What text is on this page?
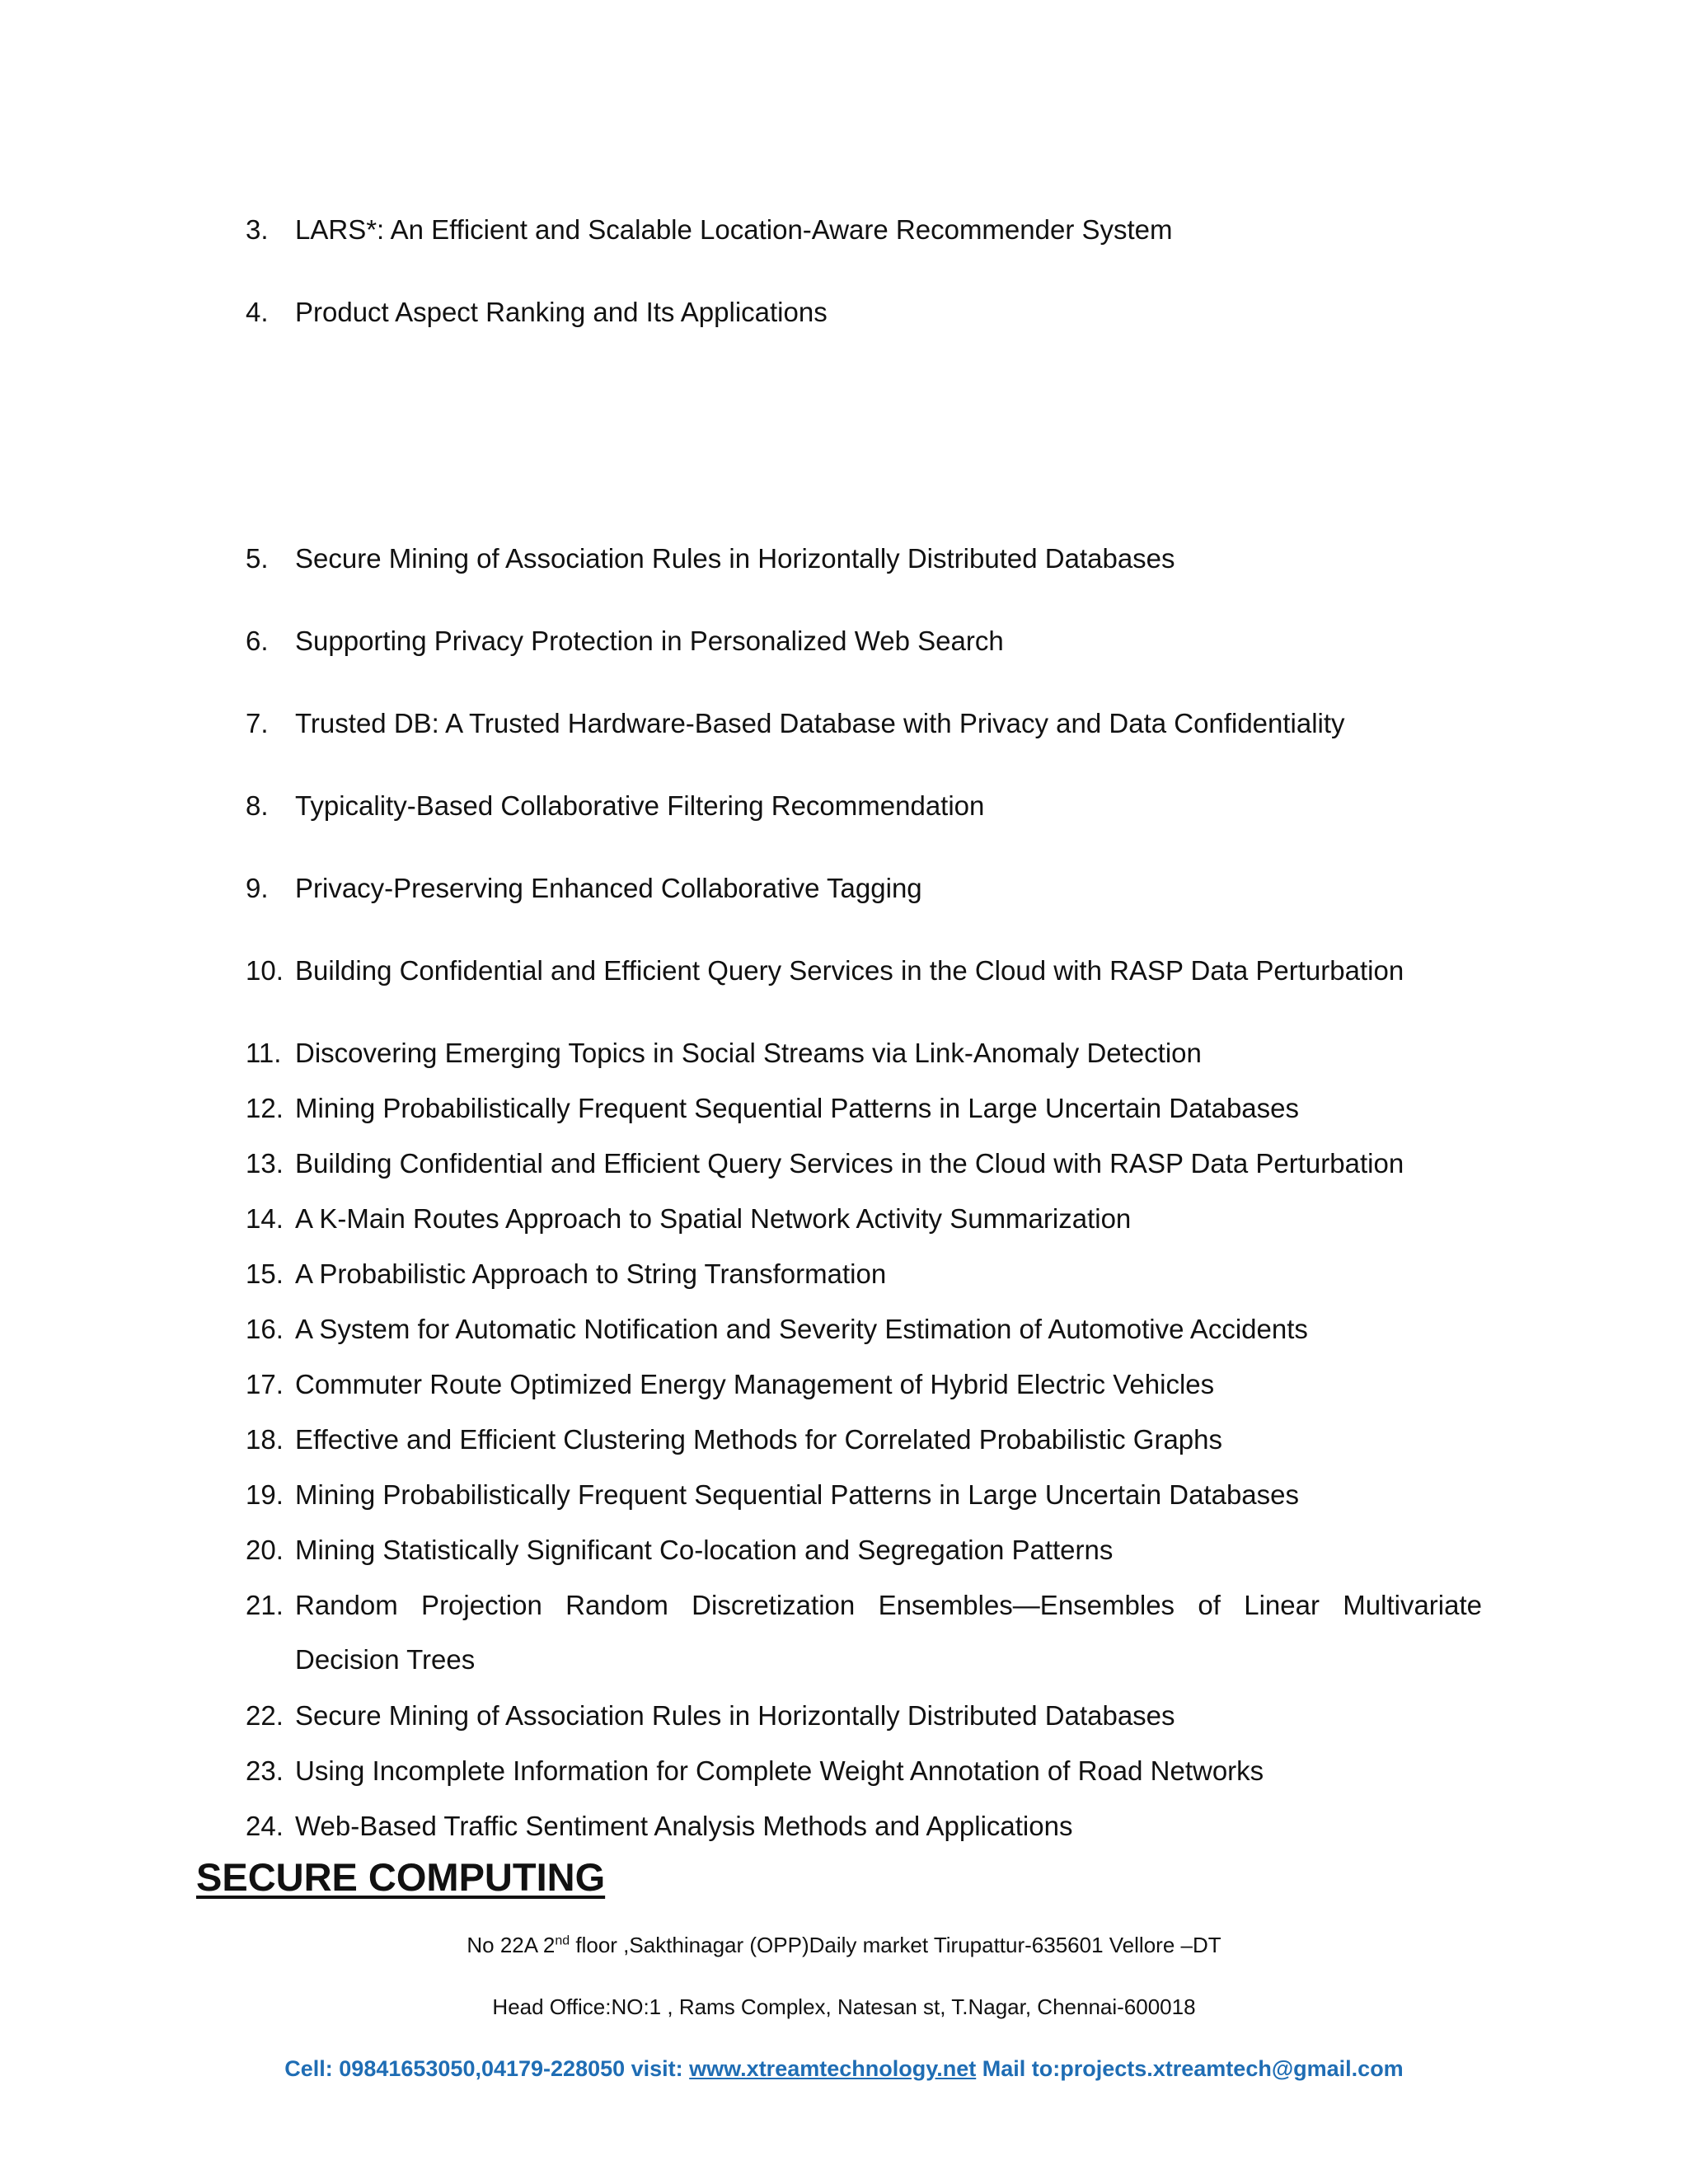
3. LARS*: An Efficient and Scalable Location-Aware Recommender System
4. Product Aspect Ranking and Its Applications
5. Secure Mining of Association Rules in Horizontally Distributed Databases
6. Supporting Privacy Protection in Personalized Web Search
7. Trusted DB: A Trusted Hardware-Based Database with Privacy and Data Confidentiality
8. Typicality-Based Collaborative Filtering Recommendation
9. Privacy-Preserving Enhanced Collaborative Tagging
10. Building Confidential and Efficient Query Services in the Cloud with RASP Data Perturbation
11. Discovering Emerging Topics in Social Streams via Link-Anomaly Detection
12. Mining Probabilistically Frequent Sequential Patterns in Large Uncertain Databases
13. Building Confidential and Efficient Query Services in the Cloud with RASP Data Perturbation
14. A K-Main Routes Approach to Spatial Network Activity Summarization
15. A Probabilistic Approach to String Transformation
16. A System for Automatic Notification and Severity Estimation of Automotive Accidents
17. Commuter Route Optimized Energy Management of Hybrid Electric Vehicles
18. Effective and Efficient Clustering Methods for Correlated Probabilistic Graphs
19. Mining Probabilistically Frequent Sequential Patterns in Large Uncertain Databases
20. Mining Statistically Significant Co-location and Segregation Patterns
21. Random Projection Random Discretization Ensembles—Ensembles of Linear Multivariate Decision Trees
22. Secure Mining of Association Rules in Horizontally Distributed Databases
23. Using Incomplete Information for Complete Weight Annotation of Road Networks
24. Web-Based Traffic Sentiment Analysis Methods and Applications
SECURE COMPUTING
No 22A 2nd floor ,Sakthinagar (OPP)Daily market Tirupattur-635601 Vellore –DT
Head Office:NO:1 , Rams Complex, Natesan st, T.Nagar, Chennai-600018
Cell: 09841653050,04179-228050 visit: www.xtreamtechnology.net Mail to:projects.xtreamtech@gmail.com
